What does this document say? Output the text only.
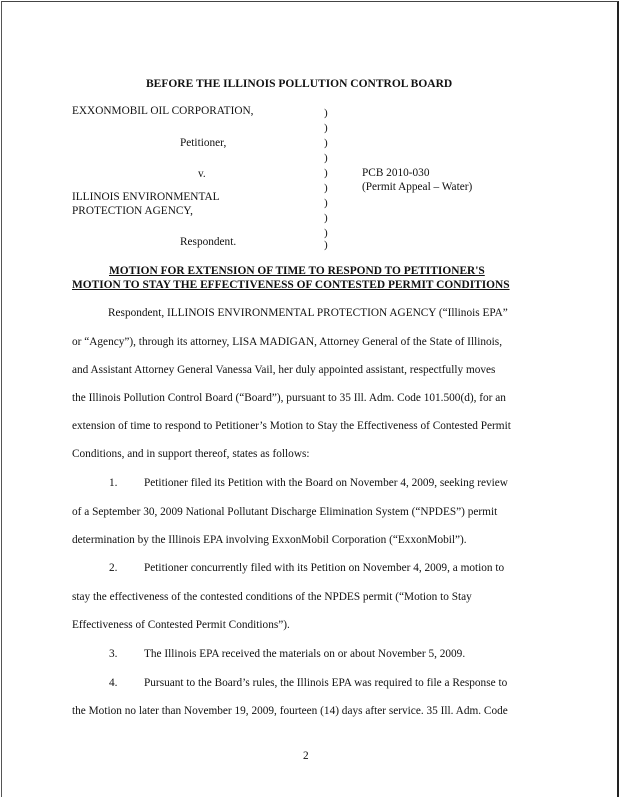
BEFORE THE ILLINOIS POLLUTION CONTROL BOARD
EXXONMOBIL OIL CORPORATION,
Petitioner,
v.
ILLINOIS ENVIRONMENTAL
PROTECTION AGENCY,
Respondent.
)
)
)
)
)
)
)
)
)
)
PCB 2010-030
(Permit Appeal – Water)
MOTION FOR EXTENSION OF TIME TO RESPOND TO PETITIONER'S
MOTION TO STAY THE EFFECTIVENESS OF CONTESTED PERMIT CONDITIONS
Respondent, ILLINOIS ENVIRONMENTAL PROTECTION AGENCY (“Illinois EPA”
or “Agency”), through its attorney, LISA MADIGAN, Attorney General of the State of Illinois,
and Assistant Attorney General Vanessa Vail, her duly appointed assistant, respectfully moves
the Illinois Pollution Control Board (“Board”), pursuant to 35 Ill. Adm. Code 101.500(d), for an
extension of time to respond to Petitioner’s Motion to Stay the Effectiveness of Contested Permit
Conditions, and in support thereof, states as follows:
1. Petitioner filed its Petition with the Board on November 4, 2009, seeking review
of a September 30, 2009 National Pollutant Discharge Elimination System (“NPDES”) permit
determination by the Illinois EPA involving ExxonMobil Corporation (“ExxonMobil”).
2. Petitioner concurrently filed with its Petition on November 4, 2009, a motion to
stay the effectiveness of the contested conditions of the NPDES permit (“Motion to Stay
Effectiveness of Contested Permit Conditions”).
3. The Illinois EPA received the materials on or about November 5, 2009.
4. Pursuant to the Board’s rules, the Illinois EPA was required to file a Response to
the Motion no later than November 19, 2009, fourteen (14) days after service. 35 Ill. Adm. Code
2
